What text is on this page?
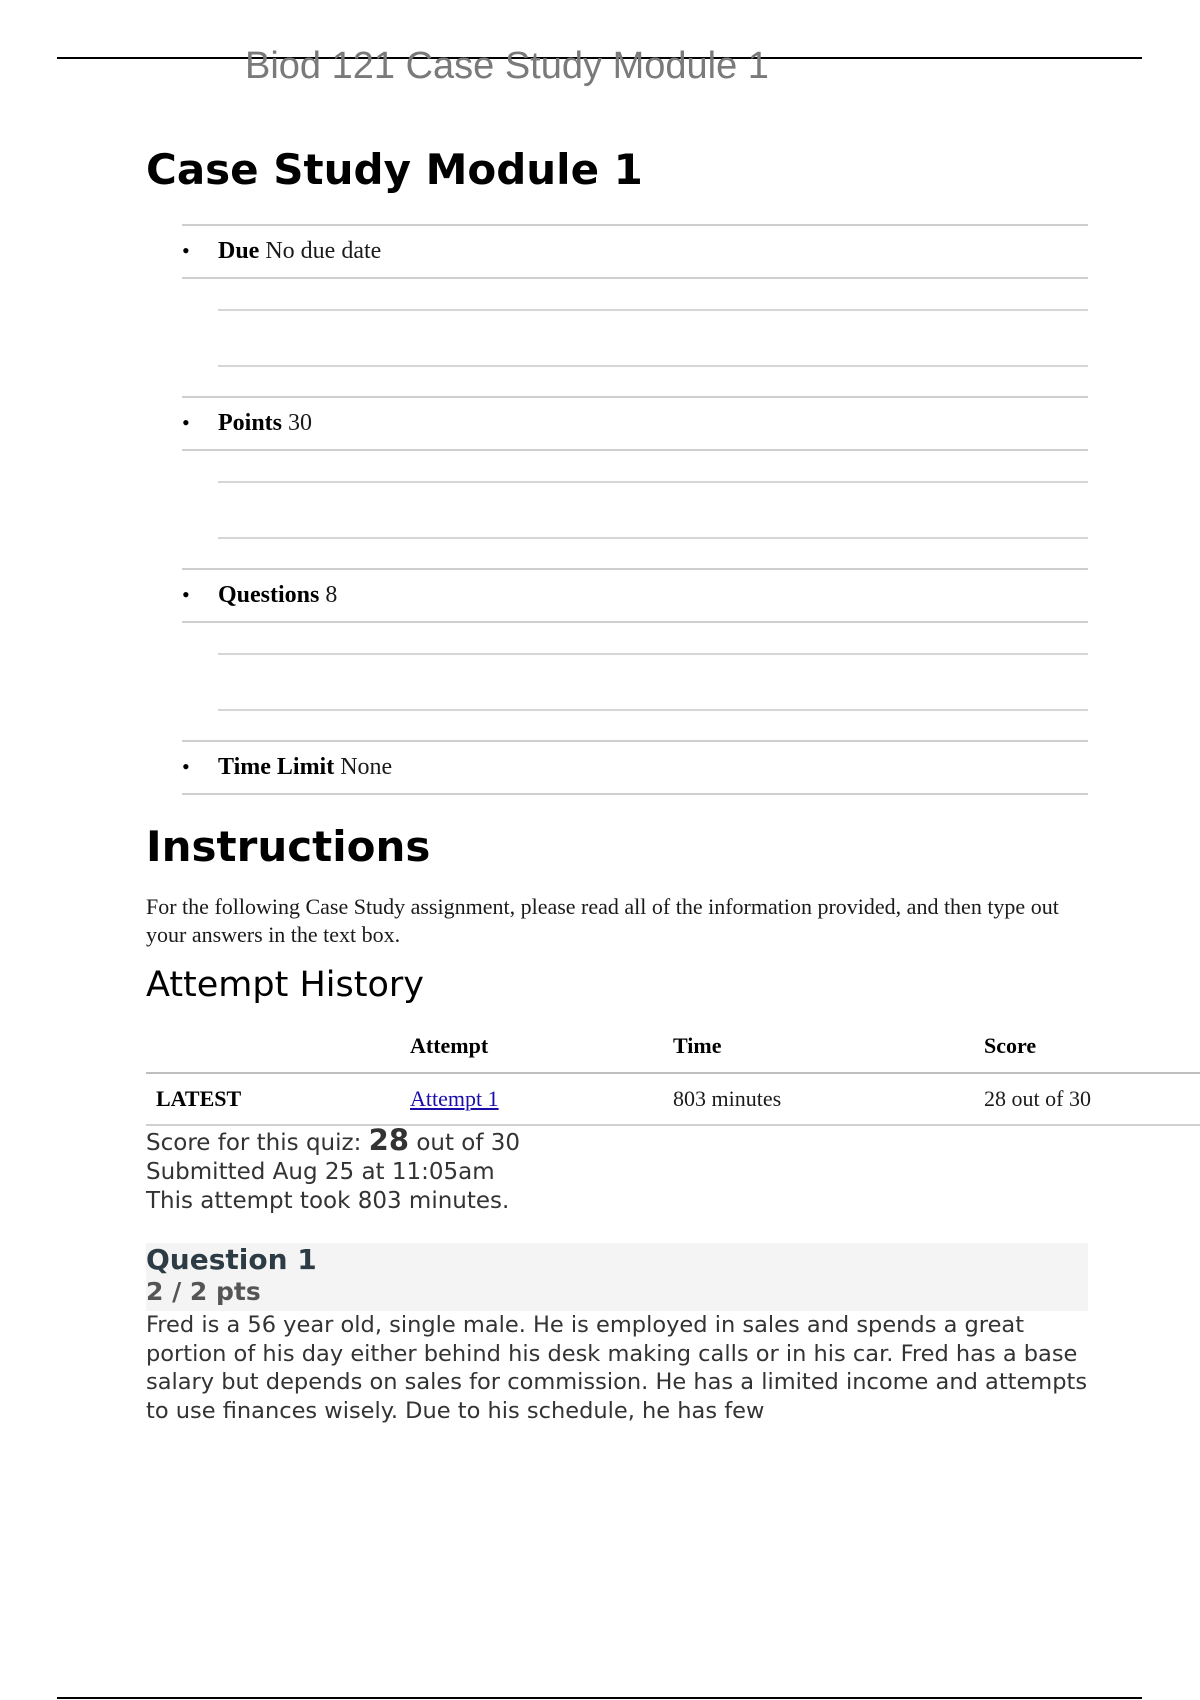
Biod 121 Case Study Module 1
Case Study Module 1
• Due No due date
• Points 30
• Questions 8
• Time Limit None
Instructions

For the following Case Study assignment, please read all of the information provided, and then type out your answers in the text box.

Attempt History
	Attempt	Time	Score
LATEST	Attempt 1	803 minutes	28 out of 30
Score for this quiz: 28 out of 30
Submitted Aug 25 at 11:05am
This attempt took 803 minutes.
Question 1
2 / 2 pts

Fred is a 56 year old, single male. He is employed in sales and spends a great portion of his day either behind his desk making calls or in his car. Fred has a base salary but depends on sales for commission. He has a limited income and attempts to use finances wisely. Due to his schedule, he has few
